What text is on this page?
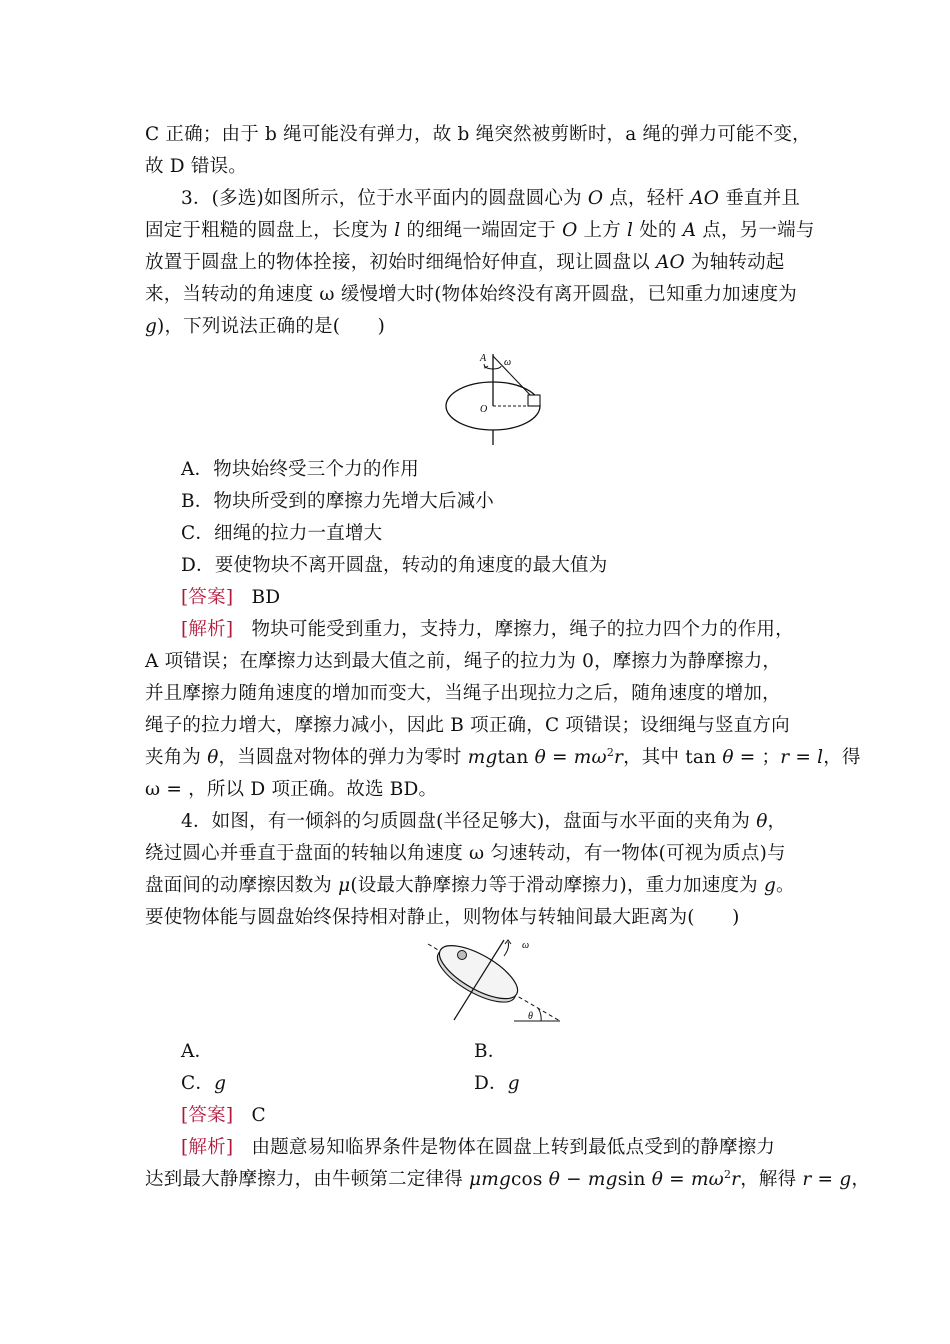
C 正确；由于 b 绳可能没有弹力，故 b 绳突然被剪断时，a 绳的弹力可能不变，
故 D 错误。
3．(多选)如图所示，位于水平面内的圆盘圆心为 O 点，轻杆 AO 垂直并且
固定于粗糙的圆盘上，长度为 l 的细绳一端固定于 O 上方 l 处的 A 点，另一端与
放置于圆盘上的物体拴接，初始时细绳恰好伸直，现让圆盘以 AO 为轴转动起
来，当转动的角速度 ω 缓慢增大时(物体始终没有离开圆盘，已知重力加速度为
g)，下列说法正确的是(　　)
A ω
O
A．物块始终受三个力的作用
B．物块所受到的摩擦力先增大后减小
C．细绳的拉力一直增大
D．要使物块不离开圆盘，转动的角速度的最大值为
[答案] BD
[解析] 物块可能受到重力，支持力，摩擦力，绳子的拉力四个力的作用，
A 项错误；在摩擦力达到最大值之前，绳子的拉力为 0，摩擦力为静摩擦力，
并且摩擦力随角速度的增加而变大，当绳子出现拉力之后，随角速度的增加，
绳子的拉力增大，摩擦力减小，因此 B 项正确，C 项错误；设细绳与竖直方向
夹角为 θ，当圆盘对物体的弹力为零时 mgtan $\theta = m\omega^2r$，其中 tan θ = ；r = l，得
ω = ，所以 D 项正确。故选 BD。
4．如图，有一倾斜的匀质圆盘(半径足够大)，盘面与水平面的夹角为 θ，
绕过圆心并垂直于盘面的转轴以角速度 ω 匀速转动，有一物体(可视为质点)与
盘面间的动摩擦因数为 μ(设最大静摩擦力等于滑动摩擦力)，重力加速度为 g。
要使物体能与圆盘始终保持相对静止，则物体与转轴间最大距离为(　　)
θ
ω
A．	B．
C．g	D．g
[答案] C
[解析] 由题意易知临界条件是物体在圆盘上转到最低点受到的静摩擦力
达到最大静摩擦力，由牛顿第二定律得 μmgcos θ − mgsin $\theta = m\omega^2r$，解得 r = g，
